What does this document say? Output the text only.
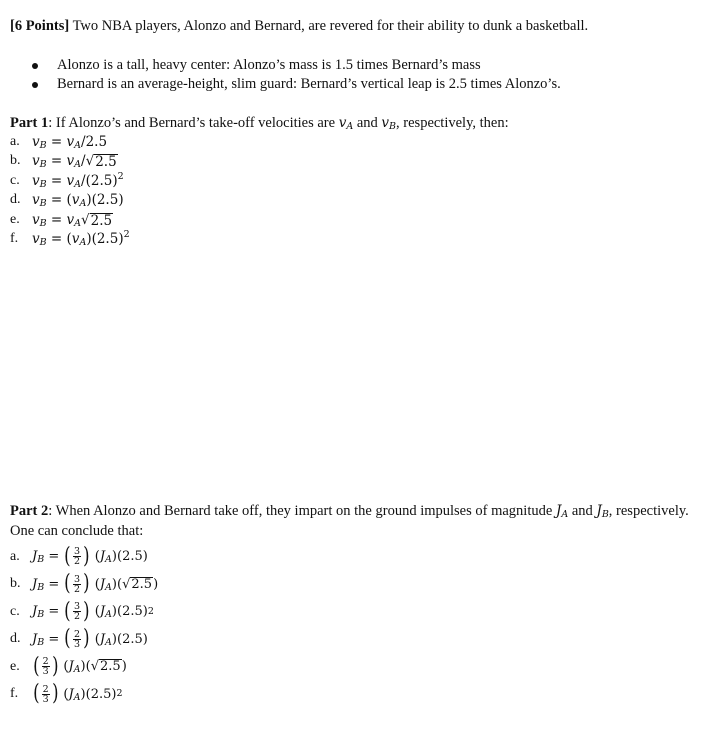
[6 Points] Two NBA players, Alonzo and Bernard, are revered for their ability to dunk a basketball.
Alonzo is a tall, heavy center: Alonzo’s mass is 1.5 times Bernard’s mass
Bernard is an average-height, slim guard: Bernard’s vertical leap is 2.5 times Alonzo’s.
Part 1: If Alonzo’s and Bernard’s take-off velocities are $v_A$ and $v_B$, respectively, then:
a. $v_B = v_A/2.5$
b. $v_B = v_A/$ √ 2.5
c. $v_B = v_A/(2.5)^2$
d. $v_B = (v_A)(2.5)$
e. $v_B = v_A$ √ 2.5
f.	$v_B = (v_A)(2.5)^2$
Part 2: When Alonzo and Bernard take off, they impart on the ground impulses of magnitude $J_A$ and $J_B$, respectively.
One can conclude that:
a. $J_B$ = ( $\frac{3}{2}$ ) ( $J_A$ )(2.5)
b. $J_B$ = ( $\frac{3}{2}$ ) ( $J_A$ )( √ 2.5 )
c. $J_B$ = ( $\frac{3}{2}$ ) ( $J_A$ )(2.5) 2
d. $J_B$ = ( $\frac{2}{3}$ ) ( $J_A$ )(2.5)
e. ( $\frac{2}{3}$ ) ( $J_A$ )( √ 2.5 )
f. ( $\frac{2}{3}$ ) ( $J_A$ )(2.5) 2
